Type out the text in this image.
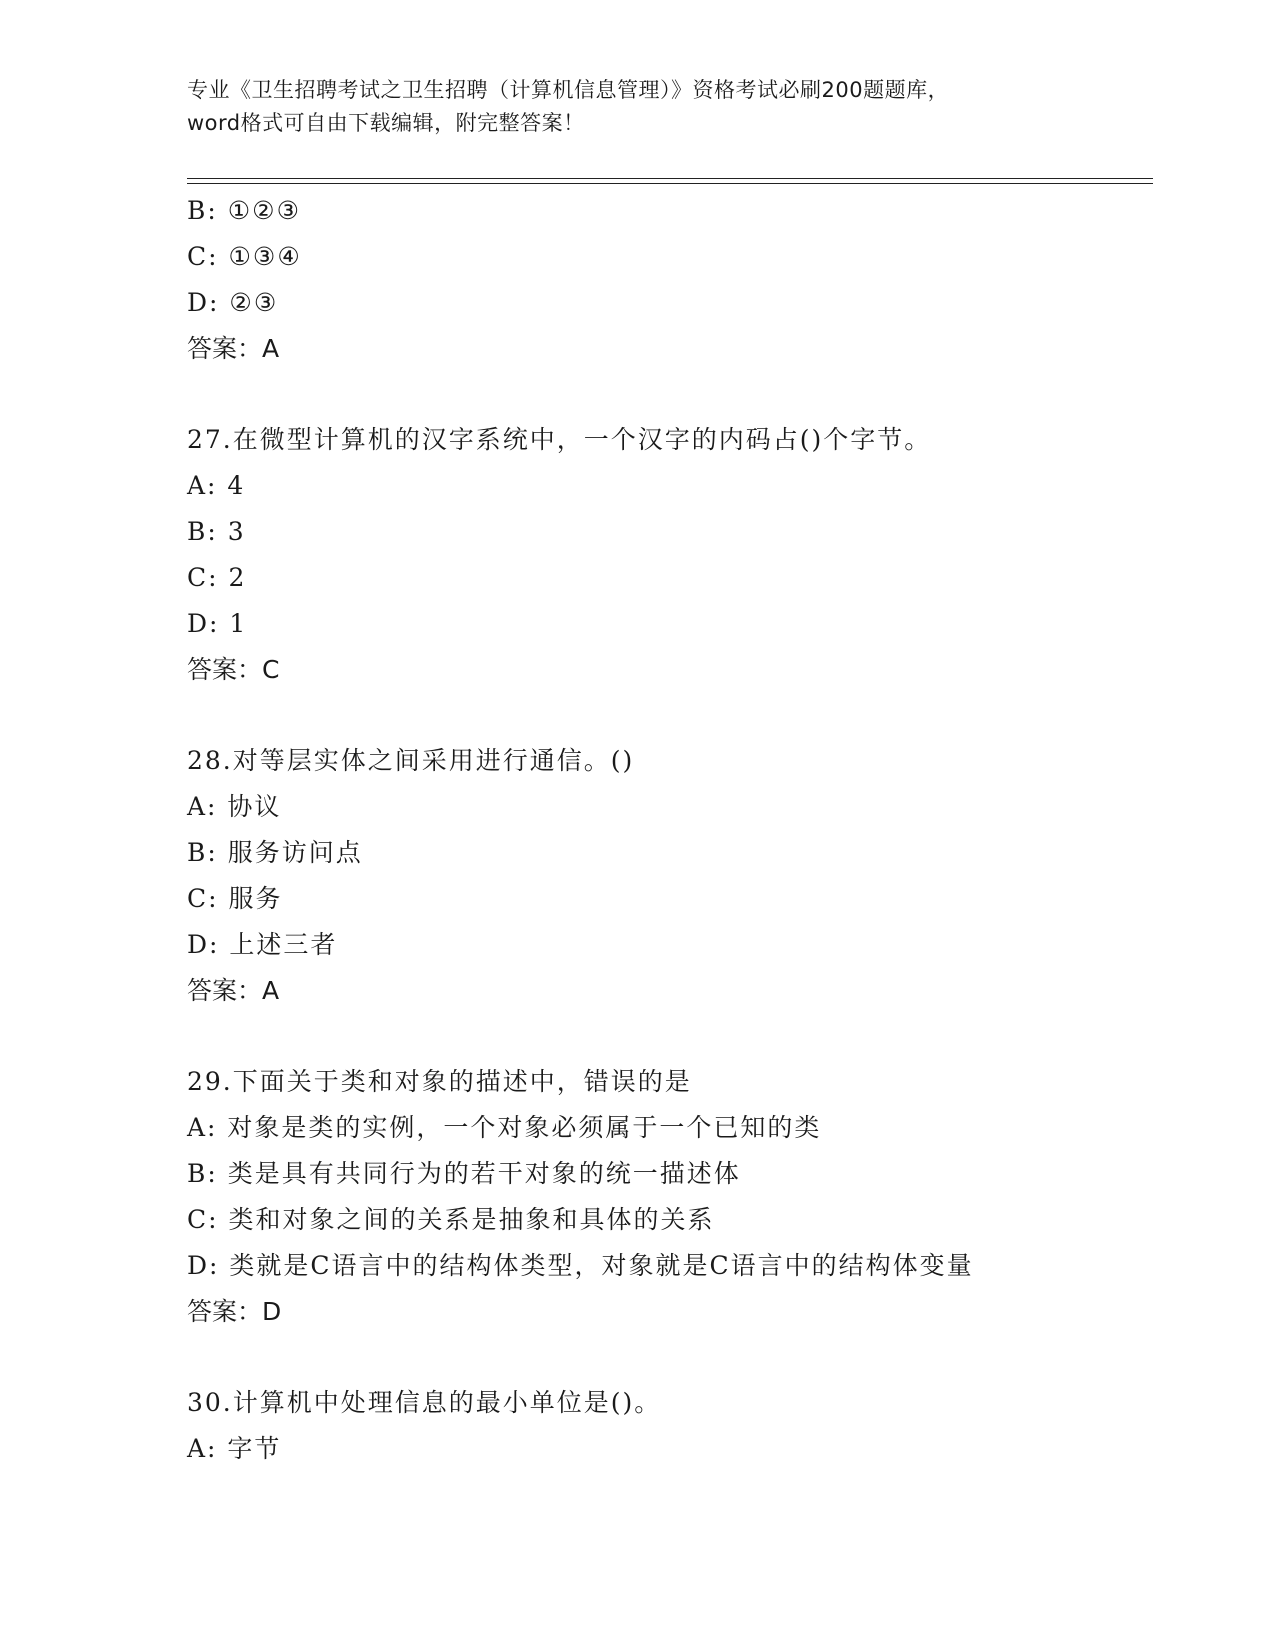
专业《卫生招聘考试之卫生招聘（计算机信息管理）》资格考试必刷200题题库，
word格式可自由下载编辑，附完整答案！
B: ①②③
C: ①③④
D: ②③
答案：A
27.在微型计算机的汉字系统中，一个汉字的内码占()个字节。
A: 4
B: 3
C: 2
D: 1
答案：C
28.对等层实体之间采用进行通信。()
A: 协议
B: 服务访问点
C: 服务
D: 上述三者
答案：A
29.下面关于类和对象的描述中，错误的是
A: 对象是类的实例，一个对象必须属于一个已知的类
B: 类是具有共同行为的若干对象的统一描述体
C: 类和对象之间的关系是抽象和具体的关系
D: 类就是C语言中的结构体类型，对象就是C语言中的结构体变量
答案：D
30.计算机中处理信息的最小单位是()。
A: 字节
